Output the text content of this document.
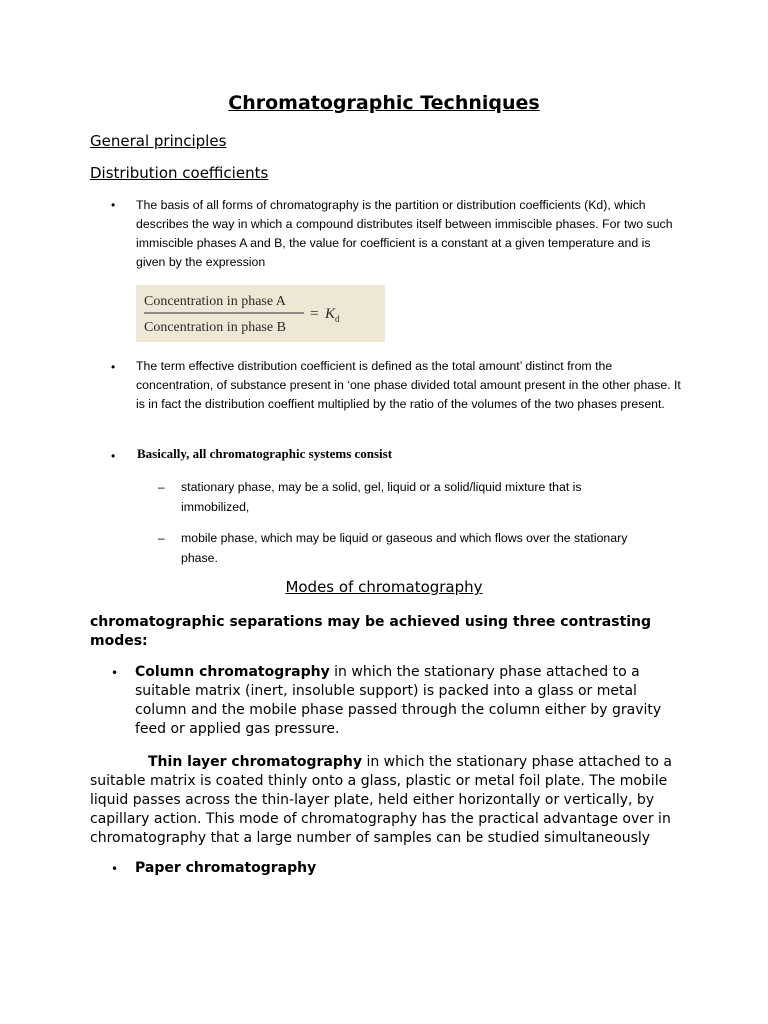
Chromatographic Techniques
General principles
Distribution coefficients
• The basis of all forms of chromatography is the partition or distribution coefficients (Kd), which describes the way in which a compound distributes itself between immiscible phases. For two such immiscible phases A and B, the value for coefficient is a constant at a given temperature and is given by the expression
Concentration in phase A
Concentration in phase B
= K d
• The term effective distribution coefficient is defined as the total amount’ distinct from the concentration, of substance present in ‘one phase divided total amount present in the other phase. It is in fact the distribution coeffient multiplied by the ratio of the volumes of the two phases present.
• Basically, all chromatographic systems consist
– stationary phase, may be a solid, gel, liquid or a solid/liquid mixture that is immobilized,
– mobile phase, which may be liquid or gaseous and which flows over the stationary phase.
Modes of chromatography
chromatographic separations may be achieved using three contrasting modes:
• Column chromatography in which the stationary phase attached to a suitable matrix (inert, insoluble support) is packed into a glass or metal column and the mobile phase passed through the column either by gravity feed or applied gas pressure.
Thin layer chromatography in which the stationary phase attached to a suitable matrix is coated thinly onto a glass, plastic or metal foil plate. The mobile liquid passes across the thin-layer plate, held either horizontally or vertically, by capillary action. This mode of chromatography has the practical advantage over in chromatography that a large number of samples can be studied simultaneously
• Paper chromatography
